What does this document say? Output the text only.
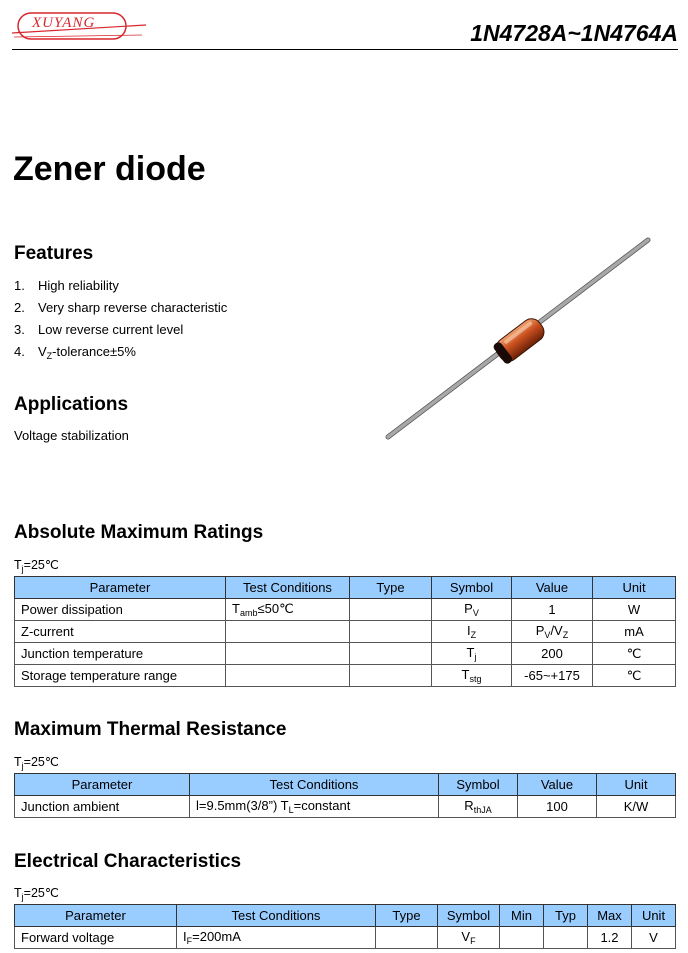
XUYANG	1N4728A~1N4764A
Zener diode
Features
1. High reliability
2. Very sharp reverse characteristic
3. Low reverse current level
4. $V_Z-tolerance\pm 5\%$
Applications
Voltage stabilization
Absolute Maximum Ratings
$T_j=25℃$
Parameter	Test Conditions	Type	Symbol	Value	Unit
Power dissipation	$T_{amb}\le 50℃$		$P_V$	1	W
Z-current			$I_Z$	$P_V/V_Z$	mA
Junction temperature			$T_j$	200	℃
Storage temperature range			$T_{stg}$	-65~+175	℃
Maximum Thermal Resistance
$T_j=25℃$
Parameter	Test Conditions	Symbol	Value	Unit
Junction ambient	l=9.5mm(3/8”) $T_L=constant$	$R_{thJA}$	100	K/W
Electrical Characteristics
$T_j=25℃$
Parameter	Test Conditions	Type	Symbol	Min	Typ	Max	Unit
Forward voltage	$I_F=200mA$		$V_F$			1.2	V
